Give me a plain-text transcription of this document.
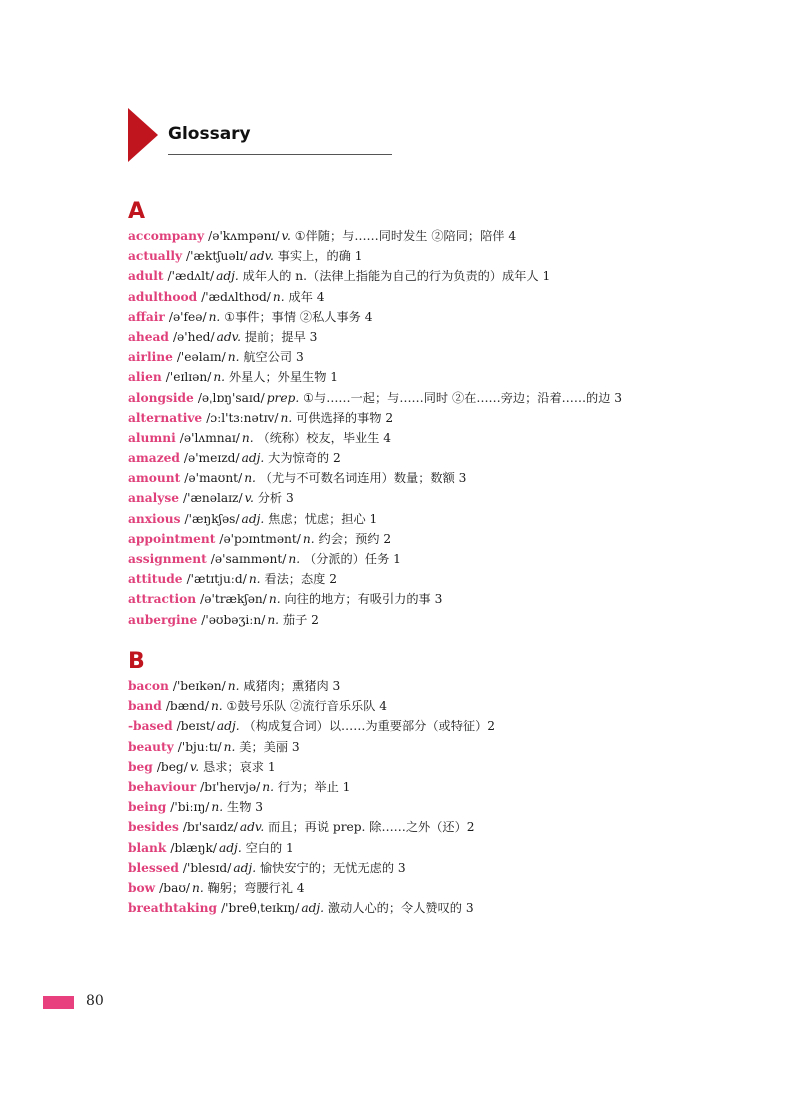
Glossary
A
accompany /ə'kʌmpənɪ/ v. ①伴随；与……同时发生 ②陪同；陪伴 4
actually /'æktʃuəlɪ/ adv. 事实上，的确 1
adult /'ædʌlt/ adj. 成年人的 n.（法律上指能为自己的行为负责的）成年人 1
adulthood /'ædʌlthʊd/ n. 成年 4
affair /ə'feə/ n. ①事件；事情 ②私人事务 4
ahead /ə'hed/ adv. 提前；提早 3
airline /'eəlaɪn/ n. 航空公司 3
alien /'eɪlɪən/ n. 外星人；外星生物 1
alongside /əˌlɒŋ'saɪd/ prep. ①与……一起；与……同时 ②在……旁边；沿着……的边 3
alternative /ɔːl'tɜːnətɪv/ n. 可供选择的事物 2
alumni /ə'lʌmnaɪ/ n. （统称）校友，毕业生 4
amazed /ə'meɪzd/ adj. 大为惊奇的 2
amount /ə'maʊnt/ n. （尤与不可数名词连用）数量；数额 3
analyse /'ænəlaɪz/ v. 分析 3
anxious /'æŋkʃəs/ adj. 焦虑；忧虑；担心 1
appointment /ə'pɔɪntmənt/ n. 约会；预约 2
assignment /ə'saɪnmənt/ n. （分派的）任务 1
attitude /'ætɪtjuːd/ n. 看法；态度 2
attraction /ə'trækʃən/ n. 向往的地方；有吸引力的事 3
aubergine /'əʊbəʒiːn/ n. 茄子 2
B
bacon /'beɪkən/ n. 咸猪肉；熏猪肉 3
band /bænd/ n. ①鼓号乐队 ②流行音乐乐队 4
-based /beɪst/ adj. （构成复合词）以……为重要部分（或特征）2
beauty /'bjuːtɪ/ n. 美；美丽 3
beg /beg/ v. 恳求；哀求 1
behaviour /bɪ'heɪvjə/ n. 行为；举止 1
being /'biːɪŋ/ n. 生物 3
besides /bɪ'saɪdz/ adv. 而且；再说 prep. 除……之外（还）2
blank /blæŋk/ adj. 空白的 1
blessed /'blesɪd/ adj. 愉快安宁的；无忧无虑的 3
bow /baʊ/ n. 鞠躬；弯腰行礼 4
breathtaking /'breθˌteɪkɪŋ/ adj. 激动人心的；令人赞叹的 3
80
